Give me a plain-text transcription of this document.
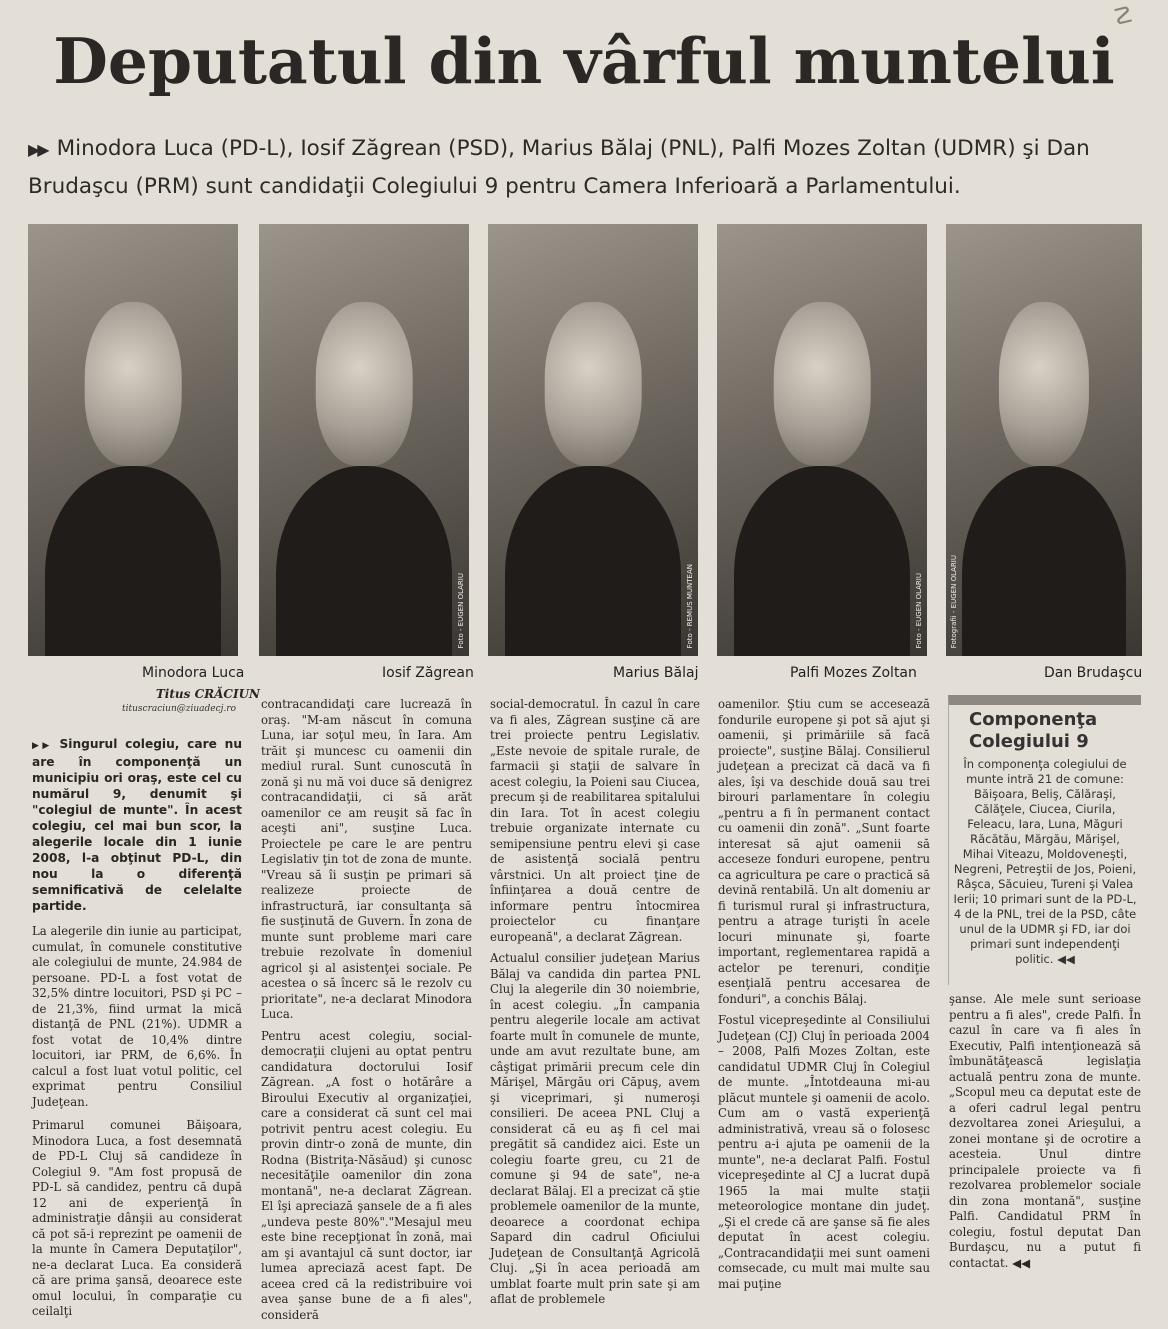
☡
Deputatul din vârful muntelui
▶▶ Minodora Luca (PD-L), Iosif Zăgrean (PSD), Marius Bălaj (PNL), Palfi Mozes Zoltan (UDMR) şi Dan Brudaşcu (PRM) sunt candidaţii Colegiului 9 pentru Camera Inferioară a Parlamentului.
Foto - EUGEN OLARIU	Foto - REMUS MUNTEAN	Foto - EUGEN OLARIU	Fotografii - EUGEN OLARIU
Minodora Luca	Iosif Zăgrean	Marius Bălaj	Palfi Mozes Zoltan	Dan Brudaşcu
Titus CRĂCIUN
tituscraciun@ziuadecj.ro

▶▶ Singurul colegiu, care nu are în componenţă un municipiu ori oraş, este cel cu numărul 9, denumit şi "colegiul de munte". În acest colegiu, cel mai bun scor, la alegerile locale din 1 iunie 2008, l-a obţinut PD-L, din nou la o diferenţă semnificativă de celelalte partide.

La alegerile din iunie au participat, cumulat, în comunele constitutive ale colegiului de munte, 24.984 de persoane. PD-L a fost votat de 32,5% dintre locuitori, PSD şi PC – de 21,3%, fiind urmat la mică distanţă de PNL (21%). UDMR a fost votat de 10,4% dintre locuitori, iar PRM, de 6,6%. În calcul a fost luat votul politic, cel exprimat pentru Consiliul Judeţean.

Primarul comunei Băişoara, Minodora Luca, a fost desemnată de PD-L Cluj să candideze în Colegiul 9. "Am fost propusă de PD-L să candidez, pentru că după 12 ani de experienţă în administraţie dânşii au considerat că pot să-i reprezint pe oamenii de la munte în Camera Deputaţilor", ne-a declarat Luca. Ea consideră că are prima şansă, deoarece este omul locului, în comparaţie cu ceilalţi

contracandidaţi care lucrează în oraş. "M-am născut în comuna Luna, iar soţul meu, în Iara. Am trăit şi muncesc cu oamenii din mediul rural. Sunt cunoscută în zonă şi nu mă voi duce să denigrez contracandidaţii, ci să arăt oamenilor ce am reuşit să fac în aceşti ani", susţine Luca. Proiectele pe care le are pentru Legislativ ţin tot de zona de munte. "Vreau să îi susţin pe primari să realizeze proiecte de infrastructură, iar consultanţa să fie susţinută de Guvern. În zona de munte sunt probleme mari care trebuie rezolvate în domeniul agricol şi al asistenţei sociale. Pe acestea o să încerc să le rezolv cu prioritate", ne-a declarat Minodora Luca.

Pentru acest colegiu, social-democraţii clujeni au optat pentru candidatura doctorului Iosif Zăgrean. „A fost o hotărâre a Biroului Executiv al organizaţiei, care a considerat că sunt cel mai potrivit pentru acest colegiu. Eu provin dintr-o zonă de munte, din Rodna (Bistriţa-Năsăud) şi cunosc necesităţile oamenilor din zona montană", ne-a declarat Zăgrean. El îşi apreciază şansele de a fi ales „undeva peste 80%"."Mesajul meu este bine recepţionat în zonă, mai am şi avantajul că sunt doctor, iar lumea apreciază acest fapt. De aceea cred că la redistribuire voi avea şanse bune de a fi ales", consideră

social-democratul. În cazul în care va fi ales, Zăgrean susţine că are trei proiecte pentru Legislativ. „Este nevoie de spitale rurale, de farmacii şi staţii de salvare în acest colegiu, la Poieni sau Ciucea, precum şi de reabilitarea spitalului din Iara. Tot în acest colegiu trebuie organizate internate cu semipensiune pentru elevi şi case de asistenţă socială pentru vârstnici. Un alt proiect ţine de înfiinţarea a două centre de informare pentru întocmirea proiectelor cu finanţare europeană", a declarat Zăgrean.

Actualul consilier judeţean Marius Bălaj va candida din partea PNL Cluj la alegerile din 30 noiembrie, în acest colegiu. „În campania pentru alegerile locale am activat foarte mult în comunele de munte, unde am avut rezultate bune, am câştigat primării precum cele din Mărişel, Mărgău ori Căpuş, avem şi viceprimari, şi numeroşi consilieri. De aceea PNL Cluj a considerat că eu aş fi cel mai pregătit să candidez aici. Este un colegiu foarte greu, cu 21 de comune şi 94 de sate", ne-a declarat Bălaj. El a precizat că ştie problemele oamenilor de la munte, deoarece a coordonat echipa Sapard din cadrul Oficiului Judeţean de Consultanţă Agricolă Cluj. „Şi în acea perioadă am umblat foarte mult prin sate şi am aflat de problemele

oamenilor. Ştiu cum se accesează fondurile europene şi pot să ajut şi oamenii, şi primăriile să facă proiecte", susţine Bălaj. Consilierul judeţean a precizat că dacă va fi ales, îşi va deschide două sau trei birouri parlamentare în colegiu „pentru a fi în permanent contact cu oamenii din zonă". „Sunt foarte interesat să ajut oamenii să acceseze fonduri europene, pentru ca agricultura pe care o practică să devină rentabilă. Un alt domeniu ar fi turismul rural şi infrastructura, pentru a atrage turişti în acele locuri minunate şi, foarte important, reglementarea rapidă a actelor pe terenuri, condiţie esenţială pentru accesarea de fonduri", a conchis Bălaj.

Fostul vicepreşedinte al Consiliului Judeţean (CJ) Cluj în perioada 2004 – 2008, Palfi Mozes Zoltan, este candidatul UDMR Cluj în Colegiul de munte. „Întotdeauna mi-au plăcut muntele şi oamenii de acolo. Cum am o vastă experienţă administrativă, vreau să o folosesc pentru a-i ajuta pe oamenii de la munte", ne-a declarat Palfi. Fostul vicepreşedinte al CJ a lucrat după 1965 la mai multe staţii meteorologice montane din judeţ. „Şi el crede că are şanse să fie ales deputat în acest colegiu. „Contracandidaţii mei sunt oameni comsecade, cu mult mai multe sau mai puţine

Componenţa Colegiului 9
În componenţa colegiului de munte intră 21 de comune: Băişoara, Beliş, Călăraşi, Călăţele, Ciucea, Ciurila, Feleacu, Iara, Luna, Măguri Răcătău, Mărgău, Mărişel, Mihai Viteazu, Moldoveneşti, Negreni, Petreştii de Jos, Poieni, Râşca, Săcuieu, Tureni şi Valea Ierii; 10 primari sunt de la PD-L, 4 de la PNL, trei de la PSD, câte unul de la UDMR şi FD, iar doi primari sunt independenţi politic. ◀◀

şanse. Ale mele sunt serioase pentru a fi ales", crede Palfi. În cazul în care va fi ales în Executiv, Palfi intenţionează să îmbunătăţească legislaţia actuală pentru zona de munte. „Scopul meu ca deputat este de a oferi cadrul legal pentru dezvoltarea zonei Arieşului, a zonei montane şi de ocrotire a acesteia. Unul dintre principalele proiecte va fi rezolvarea problemelor sociale din zona montană", susţine Palfi. Candidatul PRM în colegiu, fostul deputat Dan Burdaşcu, nu a putut fi contactat. ◀◀
